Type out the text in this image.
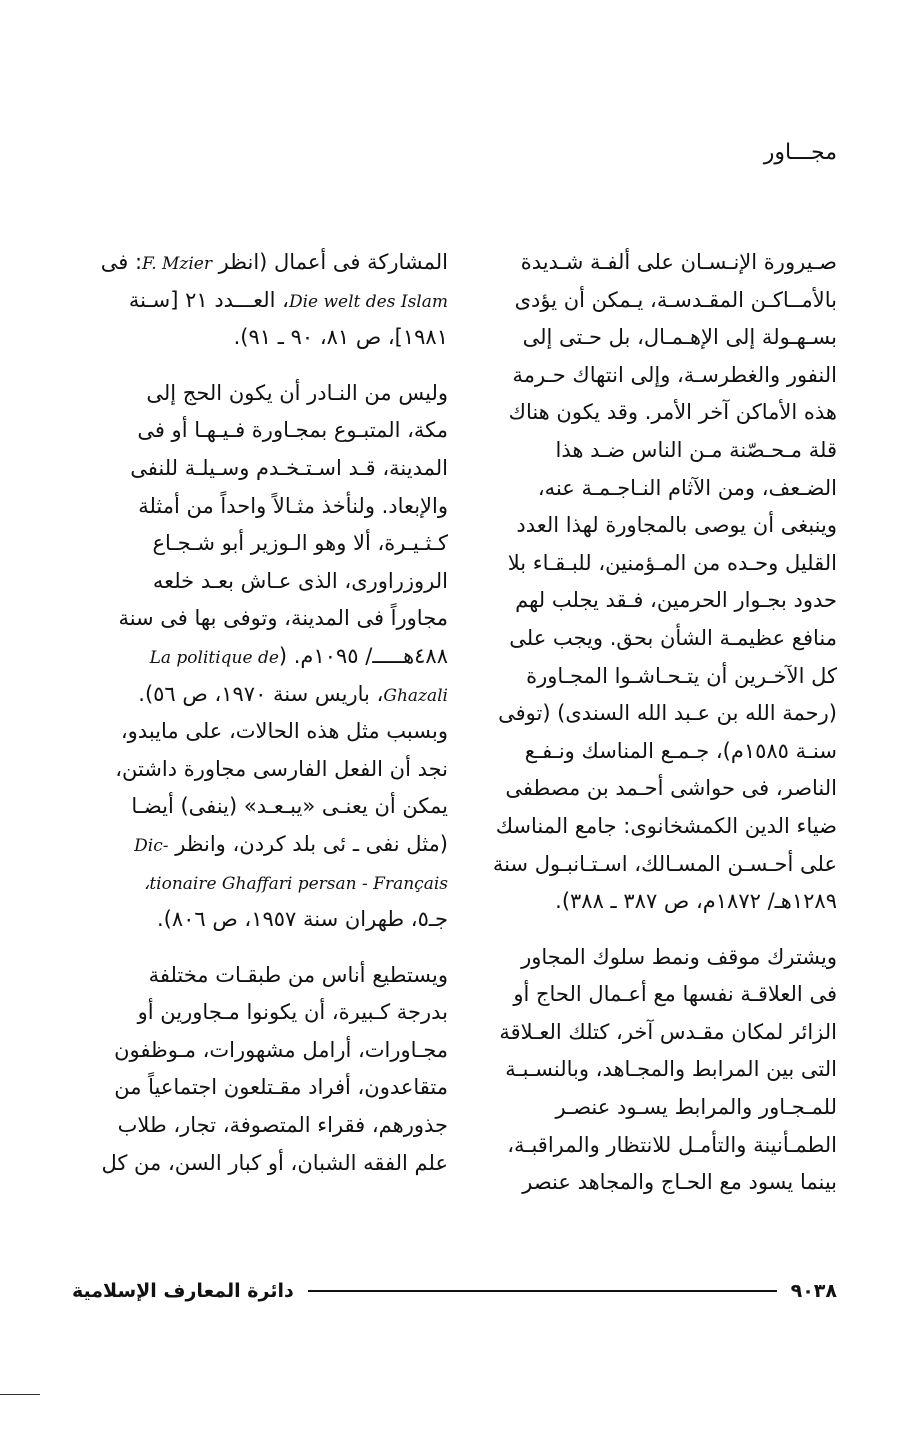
مجـــاور
صـيرورة الإنـسـان على ألفـة شـديدة
بالأمــاكـن المقـدسـة، يـمكن أن يؤدى
بسـهـولة إلى الإهـمـال، بل حـتى إلى
النفور والغطرسـة، وإلى انتهاك حـرمة
هذه الأماكن آخر الأمر. وقد يكون هناك
قلة مـحـصّنة مـن الناس ضـد هذا
الضـعف، ومن الآثام النـاجـمـة عنه،
وينبغى أن يوصى بالمجاورة لهذا العدد
القليل وحـده من المـؤمنين، للبـقـاء بلا
حدود بجـوار الحرمين، فـقد يجلب لهم
منافع عظيمـة الشأن بحق. ويجب على
كل الآخـرين أن يتـحـاشـوا المجـاورة
(رحمة الله بن عـبد الله السندى) (توفى
سنـة ١٥٨٥م)، جـمـع المناسك ونـفـع
الناصر، فى حواشى أحـمد بن مصطفى
ضياء الدين الكمشخانوى: جامع المناسك
على أحـسـن المسـالك، اسـتـانبـول سنة
١٢٨٩هـ/ ١٨٧٢م، ص ٣٨٧ ـ ٣٨٨).
ويشترك موقف ونمط سلوك المجاور
فى العلاقـة نفسها مع أعـمال الحاج أو
الزائر لمكان مقـدس آخر، كتلك العـلاقة
التى بين المرابط والمجـاهد، وبالنسـبـة
للمـجـاور والمرابط يسـود عنصـر
الطمـأنينة والتأمـل للانتظار والمراقبـة،
بينما يسود مع الحـاج والمجاهد عنصر
المشاركة فى أعمال (انظر F. Mzier: فى
Die welt des Islam، العـــدد ٢١ [سـنة
١٩٨١]، ص ٨١، ٩٠ ـ ٩١).
وليس من النـادر أن يكون الحج إلى
مكة، المتبـوع بمجـاورة فـيـهـا أو فى
المدينة، قـد اسـتـخـدم وسـيلـة للنفى
والإبعاد. ولنأخذ مثـالاً واحداً من أمثلة
كـثـيـرة، ألا وهو الـوزير أبو شـجـاع
الروزراورى، الذى عـاش بعـد خلعه
مجاوراً فى المدينة، وتوفى بها فى سنة
٤٨٨هـــــ/ ١٠٩٥م. (La politique de
Ghazali، باريس سنة ١٩٧٠، ص ٥٦).
وبسبب مثل هذه الحالات، على مايبدو،
نجد أن الفعل الفارسى مجاورة داشتن،
يمكن أن يعنـى «يبـعـد» (ينفى) أيضـا
(مثل نفى ـ ئى بلد كردن، وانظر Dic-
،tionaire Ghaffari persan - Français
جـ٥، طهران سنة ١٩٥٧، ص ٨٠٦).
ويستطيع أناس من طبقـات مختلفة
بدرجة كـبيرة، أن يكونوا مـجاورين أو
مجـاورات، أرامل مشهورات، مـوظفون
متقاعدون، أفراد مقـتلعون اجتماعياً من
جذورهم، فقراء المتصوفة، تجار، طلاب
علم الفقه الشبان، أو كبار السن، من كل
٩٠٣٨
دائرة المعارف الإسلامية
